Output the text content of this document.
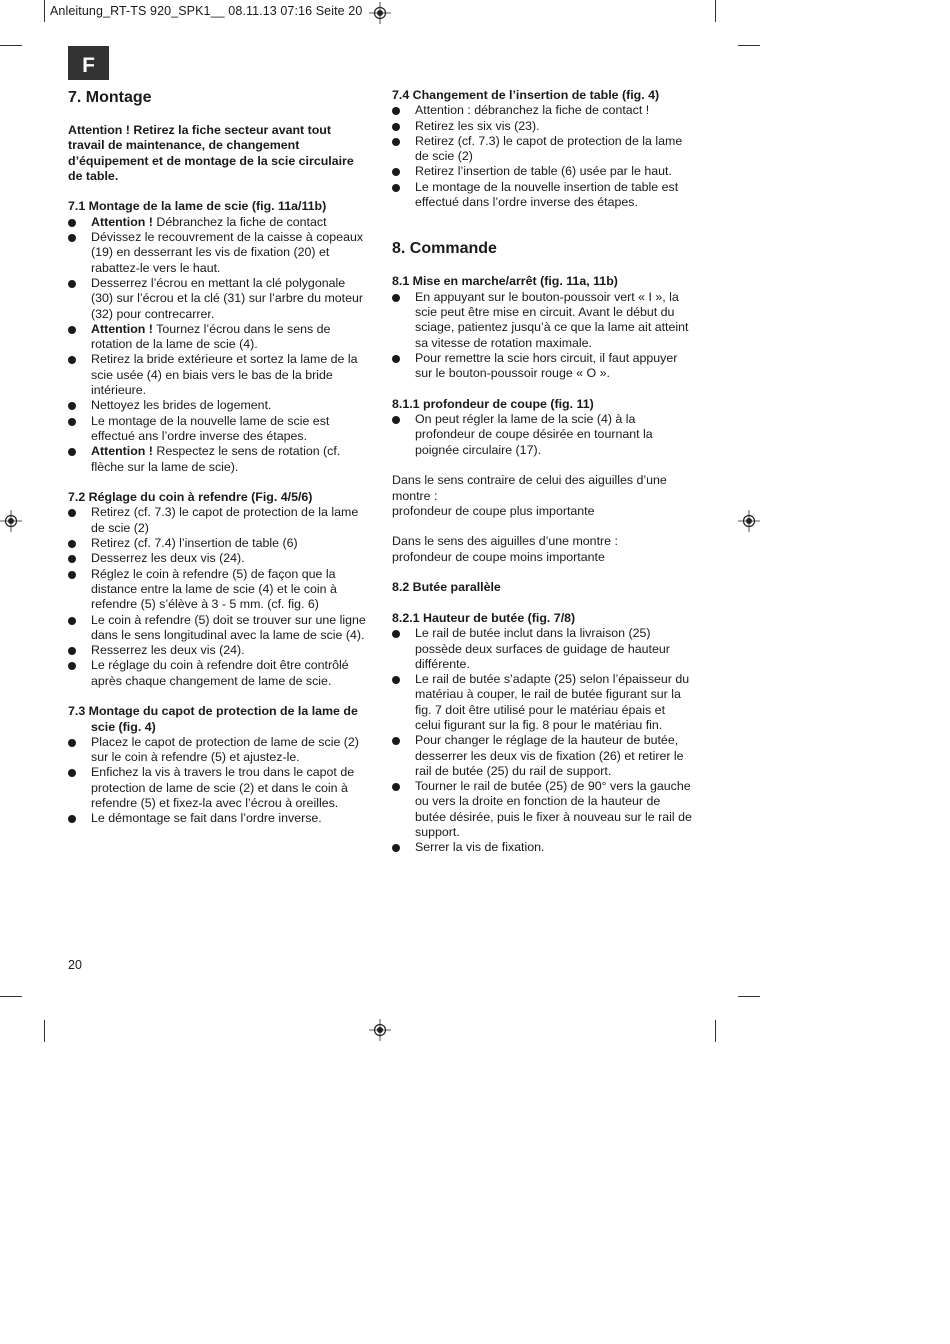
Anleitung_RT-TS 920_SPK1__ 08.11.13 07:16 Seite 20
F

7. Montage

Attention ! Retirez la fiche secteur avant tout travail de maintenance, de changement d’équipement et de montage de la scie circulaire de table.

7.1 Montage de la lame de scie (fig. 11a/11b)

Attention ! Débranchez la fiche de contact
Dévissez le recouvrement de la caisse à copeaux (19) en desserrant les vis de fixation (20) et rabattez-le vers le haut.
Desserrez l’écrou en mettant la clé polygonale (30) sur l’écrou et la clé (31) sur l’arbre du moteur (32) pour contrecarrer.
Attention ! Tournez l’écrou dans le sens de rotation de la lame de scie (4).
Retirez la bride extérieure et sortez la lame de la scie usée (4) en biais vers le bas de la bride intérieure.
Nettoyez les brides de logement.
Le montage de la nouvelle lame de scie est effectué ans l’ordre inverse des étapes.
Attention ! Respectez le sens de rotation (cf. flèche sur la lame de scie).

7.2 Réglage du coin à refendre (Fig. 4/5/6)

Retirez (cf. 7.3) le capot de protection de la lame de scie (2)
Retirez (cf. 7.4) l’insertion de table (6)
Desserrez les deux vis (24).
Réglez le coin à refendre (5) de façon que la distance entre la lame de scie (4) et le coin à refendre (5) s’élève à 3 - 5 mm. (cf. fig. 6)
Le coin à refendre (5) doit se trouver sur une ligne dans le sens longitudinal avec la lame de scie (4).
Resserrez les deux vis (24).
Le réglage du coin à refendre doit être contrôlé après chaque changement de lame de scie.

7.3 Montage du capot de protection de la lame de

scie (fig. 4)

Placez le capot de protection de lame de scie (2) sur le coin à refendre (5) et ajustez-le.
Enfichez la vis à travers le trou dans le capot de protection de lame de scie (2) et dans le coin à refendre (5) et fixez-la avec l’écrou à oreilles.
Le démontage se fait dans l’ordre inverse.

7.4 Changement de l’insertion de table (fig. 4)

Attention : débranchez la fiche de contact !
Retirez les six vis (23).
Retirez (cf. 7.3) le capot de protection de la lame de scie (2)
Retirez l’insertion de table (6) usée par le haut.
Le montage de la nouvelle insertion de table est effectué dans l’ordre inverse des étapes.

8. Commande

8.1 Mise en marche/arrêt (fig. 11a, 11b)

En appuyant sur le bouton-poussoir vert « I », la scie peut être mise en circuit. Avant le début du sciage, patientez jusqu’à ce que la lame ait atteint sa vitesse de rotation maximale.
Pour remettre la scie hors circuit, il faut appuyer sur le bouton-poussoir rouge « O ».

8.1.1 profondeur de coupe (fig. 11)

On peut régler la lame de la scie (4) à la profondeur de coupe désirée en tournant la poignée circulaire (17).

Dans le sens contraire de celui des aiguilles d’une montre :

profondeur de coupe plus importante

Dans le sens des aiguilles d’une montre :

profondeur de coupe moins importante

8.2 Butée parallèle

8.2.1 Hauteur de butée (fig. 7/8)

Le rail de butée inclut dans la livraison (25) possède deux surfaces de guidage de hauteur différente.
Le rail de butée s’adapte (25) selon l’épaisseur du matériau à couper, le rail de butée figurant sur la fig. 7 doit être utilisé pour le matériau épais et celui figurant sur la fig. 8 pour le matériau fin.
Pour changer le réglage de la hauteur de butée, desserrer les deux vis de fixation (26) et retirer le rail de butée (25) du rail de support.
Tourner le rail de butée (25) de 90° vers la gauche ou vers la droite en fonction de la hauteur de butée désirée, puis le fixer à nouveau sur le rail de support.
Serrer la vis de fixation.
20
